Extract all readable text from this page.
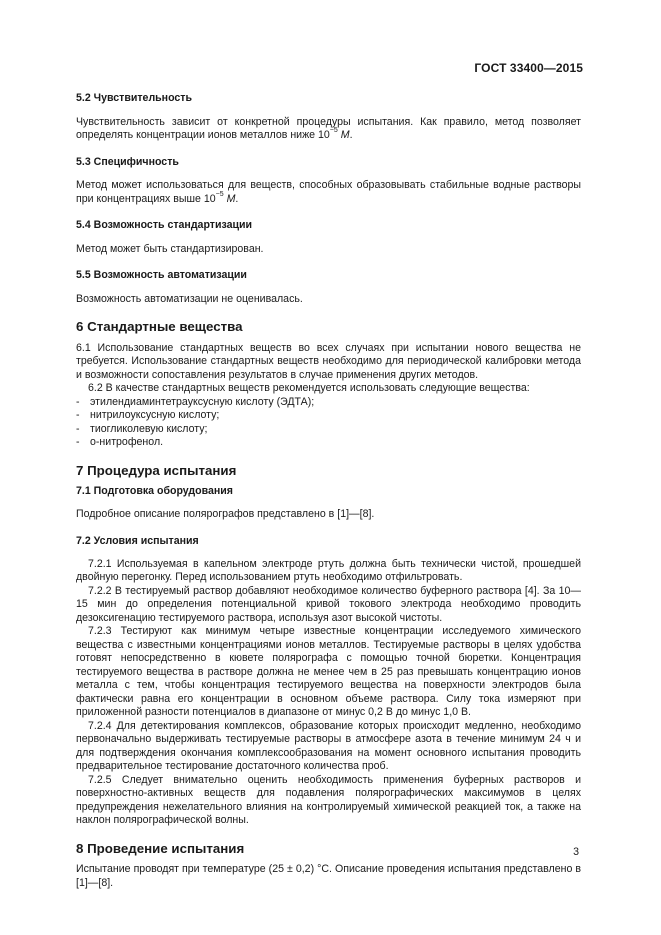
ГОСТ 33400—2015
5.2 Чувствительность

Чувствительность зависит от конкретной процедуры испытания. Как правило, метод позволяет определять концентрации ионов металлов ниже $10^{-5}$ М.

5.3 Специфичность

Метод может использоваться для веществ, способных образовывать стабильные водные растворы при концентрациях выше $10^{-5}$ М.

5.4 Возможность стандартизации

Метод может быть стандартизирован.

5.5 Возможность автоматизации

Возможность автоматизации не оценивалась.

6 Стандартные вещества

6.1 Использование стандартных веществ во всех случаях при испытании нового вещества не требуется. Использование стандартных веществ необходимо для периодической калибровки метода и возможности сопоставления результатов в случае применения других методов.

6.2 В качестве стандартных веществ рекомендуется использовать следующие вещества:

- этилендиаминтетрауксусную кислоту (ЭДТА);
- нитрилоуксусную кислоту;
- тиогликолевую кислоту;
- о-нитрофенол.
7 Процедура испытания
7.1 Подготовка оборудования

Подробное описание полярографов представлено в [1]—[8].

7.2 Условия испытания

7.2.1 Используемая в капельном электроде ртуть должна быть технически чистой, прошедшей двойную перегонку. Перед использованием ртуть необходимо отфильтровать.

7.2.2 В тестируемый раствор добавляют необходимое количество буферного раствора [4]. За 10—15 мин до определения потенциальной кривой токового электрода необходимо проводить дезоксигенацию тестируемого раствора, используя азот высокой чистоты.

7.2.3 Тестируют как минимум четыре известные концентрации исследуемого химического вещества с известными концентрациями ионов металлов. Тестируемые растворы в целях удобства готовят непосредственно в кювете полярографа с помощью точной бюретки. Концентрация тестируемого вещества в растворе должна не менее чем в 25 раз превышать концентрацию ионов металла с тем, чтобы концентрация тестируемого вещества на поверхности электродов была фактически равна его концентрации в основном объеме раствора. Силу тока измеряют при приложенной разности потенциалов в диапазоне от минус 0,2 В до минус 1,0 В.

7.2.4 Для детектирования комплексов, образование которых происходит медленно, необходимо первоначально выдерживать тестируемые растворы в атмосфере азота в течение минимум 24 ч и для подтверждения окончания комплексообразования на момент основного испытания проводить предварительное тестирование достаточного количества проб.

7.2.5 Следует внимательно оценить необходимость применения буферных растворов и поверхностно-активных веществ для подавления полярографических максимумов в целях предупреждения нежелательного влияния на контролируемый химической реакцией ток, а также на наклон полярографической волны.

8 Проведение испытания

Испытание проводят при температуре (25 ± 0,2) °С. Описание проведения испытания представлено в [1]—[8].

3
